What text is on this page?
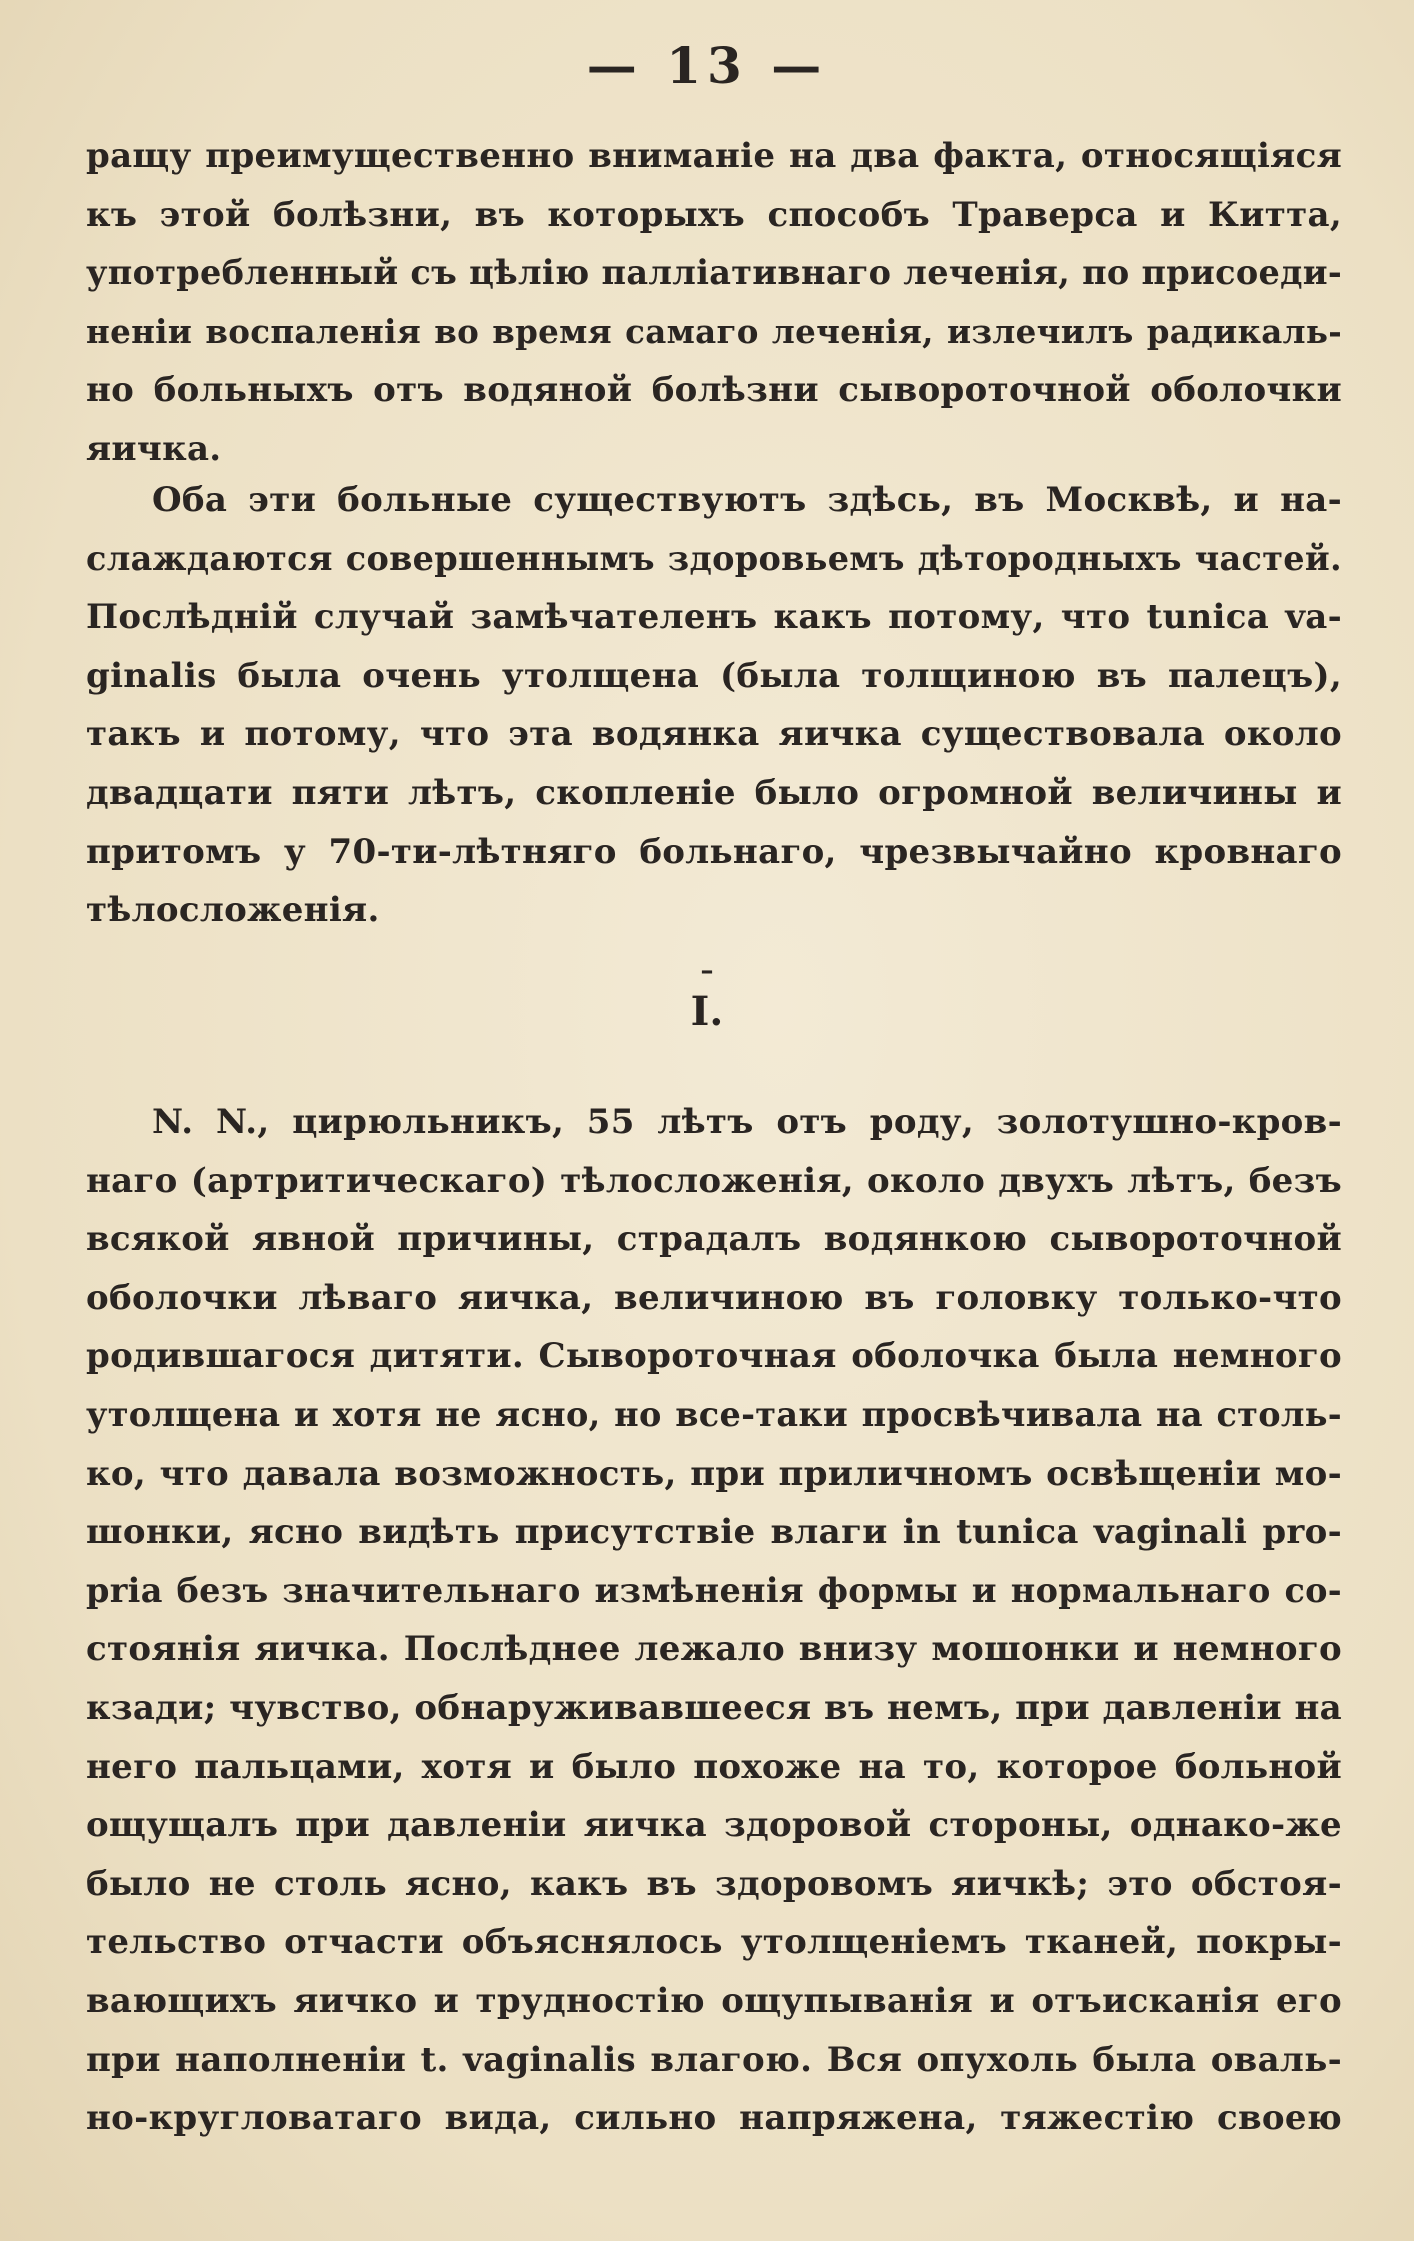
— 13 —
ращу преимущественно вниманіе на два факта, относящіяся
къ этой болѣзни, въ которыхъ способъ Траверса и Китта,
употребленный съ цѣлію палліативнаго леченія, по присоеди-
неніи воспаленія во время самаго леченія, излечилъ радикаль-
но больныхъ отъ водяной болѣзни сывороточной оболочки
яичка.
Оба эти больные существуютъ здѣсь, въ Москвѣ, и на-
слаждаются совершеннымъ здоровьемъ дѣтородныхъ частей.
Послѣдній случай замѣчателенъ какъ потому, что tunica va-
ginalis была очень утолщена (была толщиною въ палецъ),
такъ и потому, что эта водянка яичка существовала около
двадцати пяти лѣтъ, скопленіе было огромной величины и
притомъ у 70-ти-лѣтняго больнаго, чрезвычайно кровнаго
тѣлосложенія.
–
I.
N. N., цирюльникъ, 55 лѣтъ отъ роду, золотушно-кров-
наго (артритическаго) тѣлосложенія, около двухъ лѣтъ, безъ
всякой явной причины, страдалъ водянкою сывороточной
оболочки лѣваго яичка, величиною въ головку только-что
родившагося дитяти. Сывороточная оболочка была немного
утолщена и хотя не ясно, но все-таки просвѣчивала на столь-
ко, что давала возможность, при приличномъ освѣщеніи мо-
шонки, ясно видѣть присутствіе влаги in tunica vaginali pro-
pria безъ значительнаго измѣненія формы и нормальнаго со-
стоянія яичка. Послѣднее лежало внизу мошонки и немного
кзади; чувство, обнаруживавшееся въ немъ, при давленіи на
него пальцами, хотя и было похоже на то, которое больной
ощущалъ при давленіи яичка здоровой стороны, однако-же
было не столь ясно, какъ въ здоровомъ яичкѣ; это обстоя-
тельство отчасти объяснялось утолщеніемъ тканей, покры-
вающихъ яичко и трудностію ощупыванія и отъисканія его
при наполненіи t. vaginalis влагою. Вся опухоль была оваль-
но-кругловатаго вида, сильно напряжена, тяжестію своею
